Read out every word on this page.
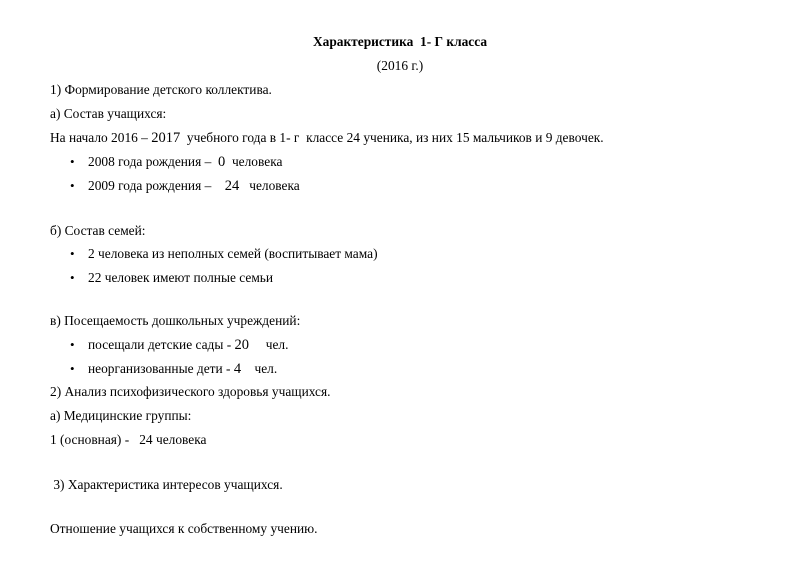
Характеристика  1- Г класса
(2016 г.)
1) Формирование детского коллектива.
а) Состав учащихся:
На начало 2016 – 2017  учебного года в 1- г  классе 24 ученика, из них 15 мальчиков и 9 девочек.
• 2008 года рождения –  0  человека
• 2009 года рождения –    24   человека
б) Состав семей:
• 2 человека из неполных семей (воспитывает мама)
• 22 человек имеют полные семьи
в) Посещаемость дошкольных учреждений:
• посещали детские сады - 20     чел.
• неорганизованные дети - 4    чел.
2) Анализ психофизического здоровья учащихся.
а) Медицинские группы:
1 (основная) -   24 человека
3) Характеристика интересов учащихся.
Отношение учащихся к собственному учению.
